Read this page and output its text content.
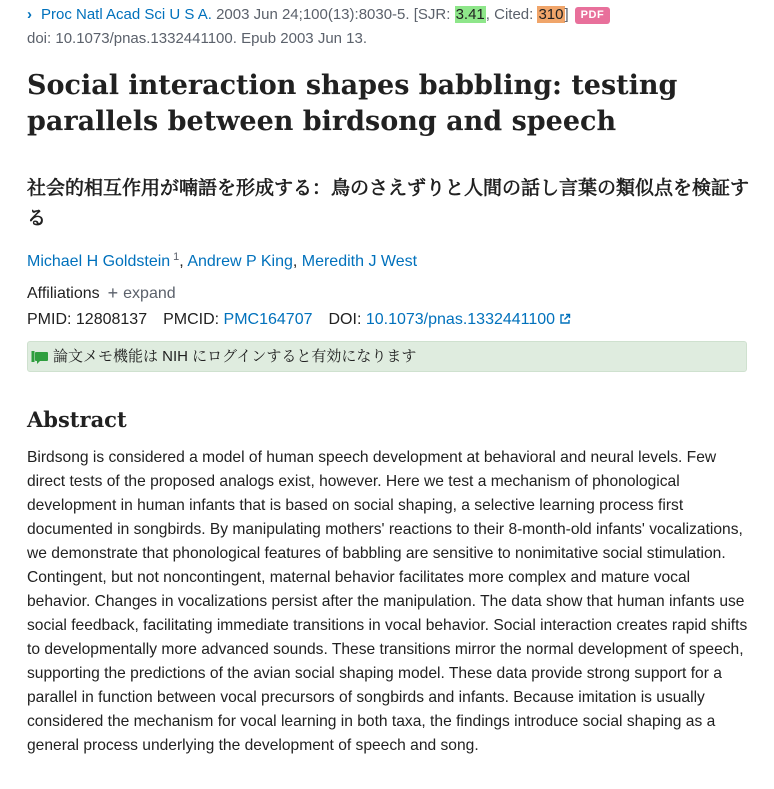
› Proc Natl Acad Sci U S A. 2003 Jun 24;100(13):8030-5. [SJR: 3.41, Cited: 310] PDF
doi: 10.1073/pnas.1332441100. Epub 2003 Jun 13.
Social interaction shapes babbling: testing parallels between birdsong and speech
社会的相互作用が喃語を形成する：鳥のさえずりと人間の話し言葉の類似点を検証する
Michael H Goldstein $^1$, Andrew P King, Meredith J West
Affiliations + expand
PMID: 12808137 PMCID: PMC164707 DOI: 10.1073/pnas.1332441100
論文メモ機能は NIH にログインすると有効になります
Abstract

Birdsong is considered a model of human speech development at behavioral and neural levels. Few direct tests of the proposed analogs exist, however. Here we test a mechanism of phonological development in human infants that is based on social shaping, a selective learning process first documented in songbirds. By manipulating mothers' reactions to their 8-month-old infants' vocalizations, we demonstrate that phonological features of babbling are sensitive to nonimitative social stimulation. Contingent, but not noncontingent, maternal behavior facilitates more complex and mature vocal behavior. Changes in vocalizations persist after the manipulation. The data show that human infants use social feedback, facilitating immediate transitions in vocal behavior. Social interaction creates rapid shifts to developmentally more advanced sounds. These transitions mirror the normal development of speech, supporting the predictions of the avian social shaping model. These data provide strong support for a parallel in function between vocal precursors of songbirds and infants. Because imitation is usually considered the mechanism for vocal learning in both taxa, the findings introduce social shaping as a general process underlying the development of speech and song.
